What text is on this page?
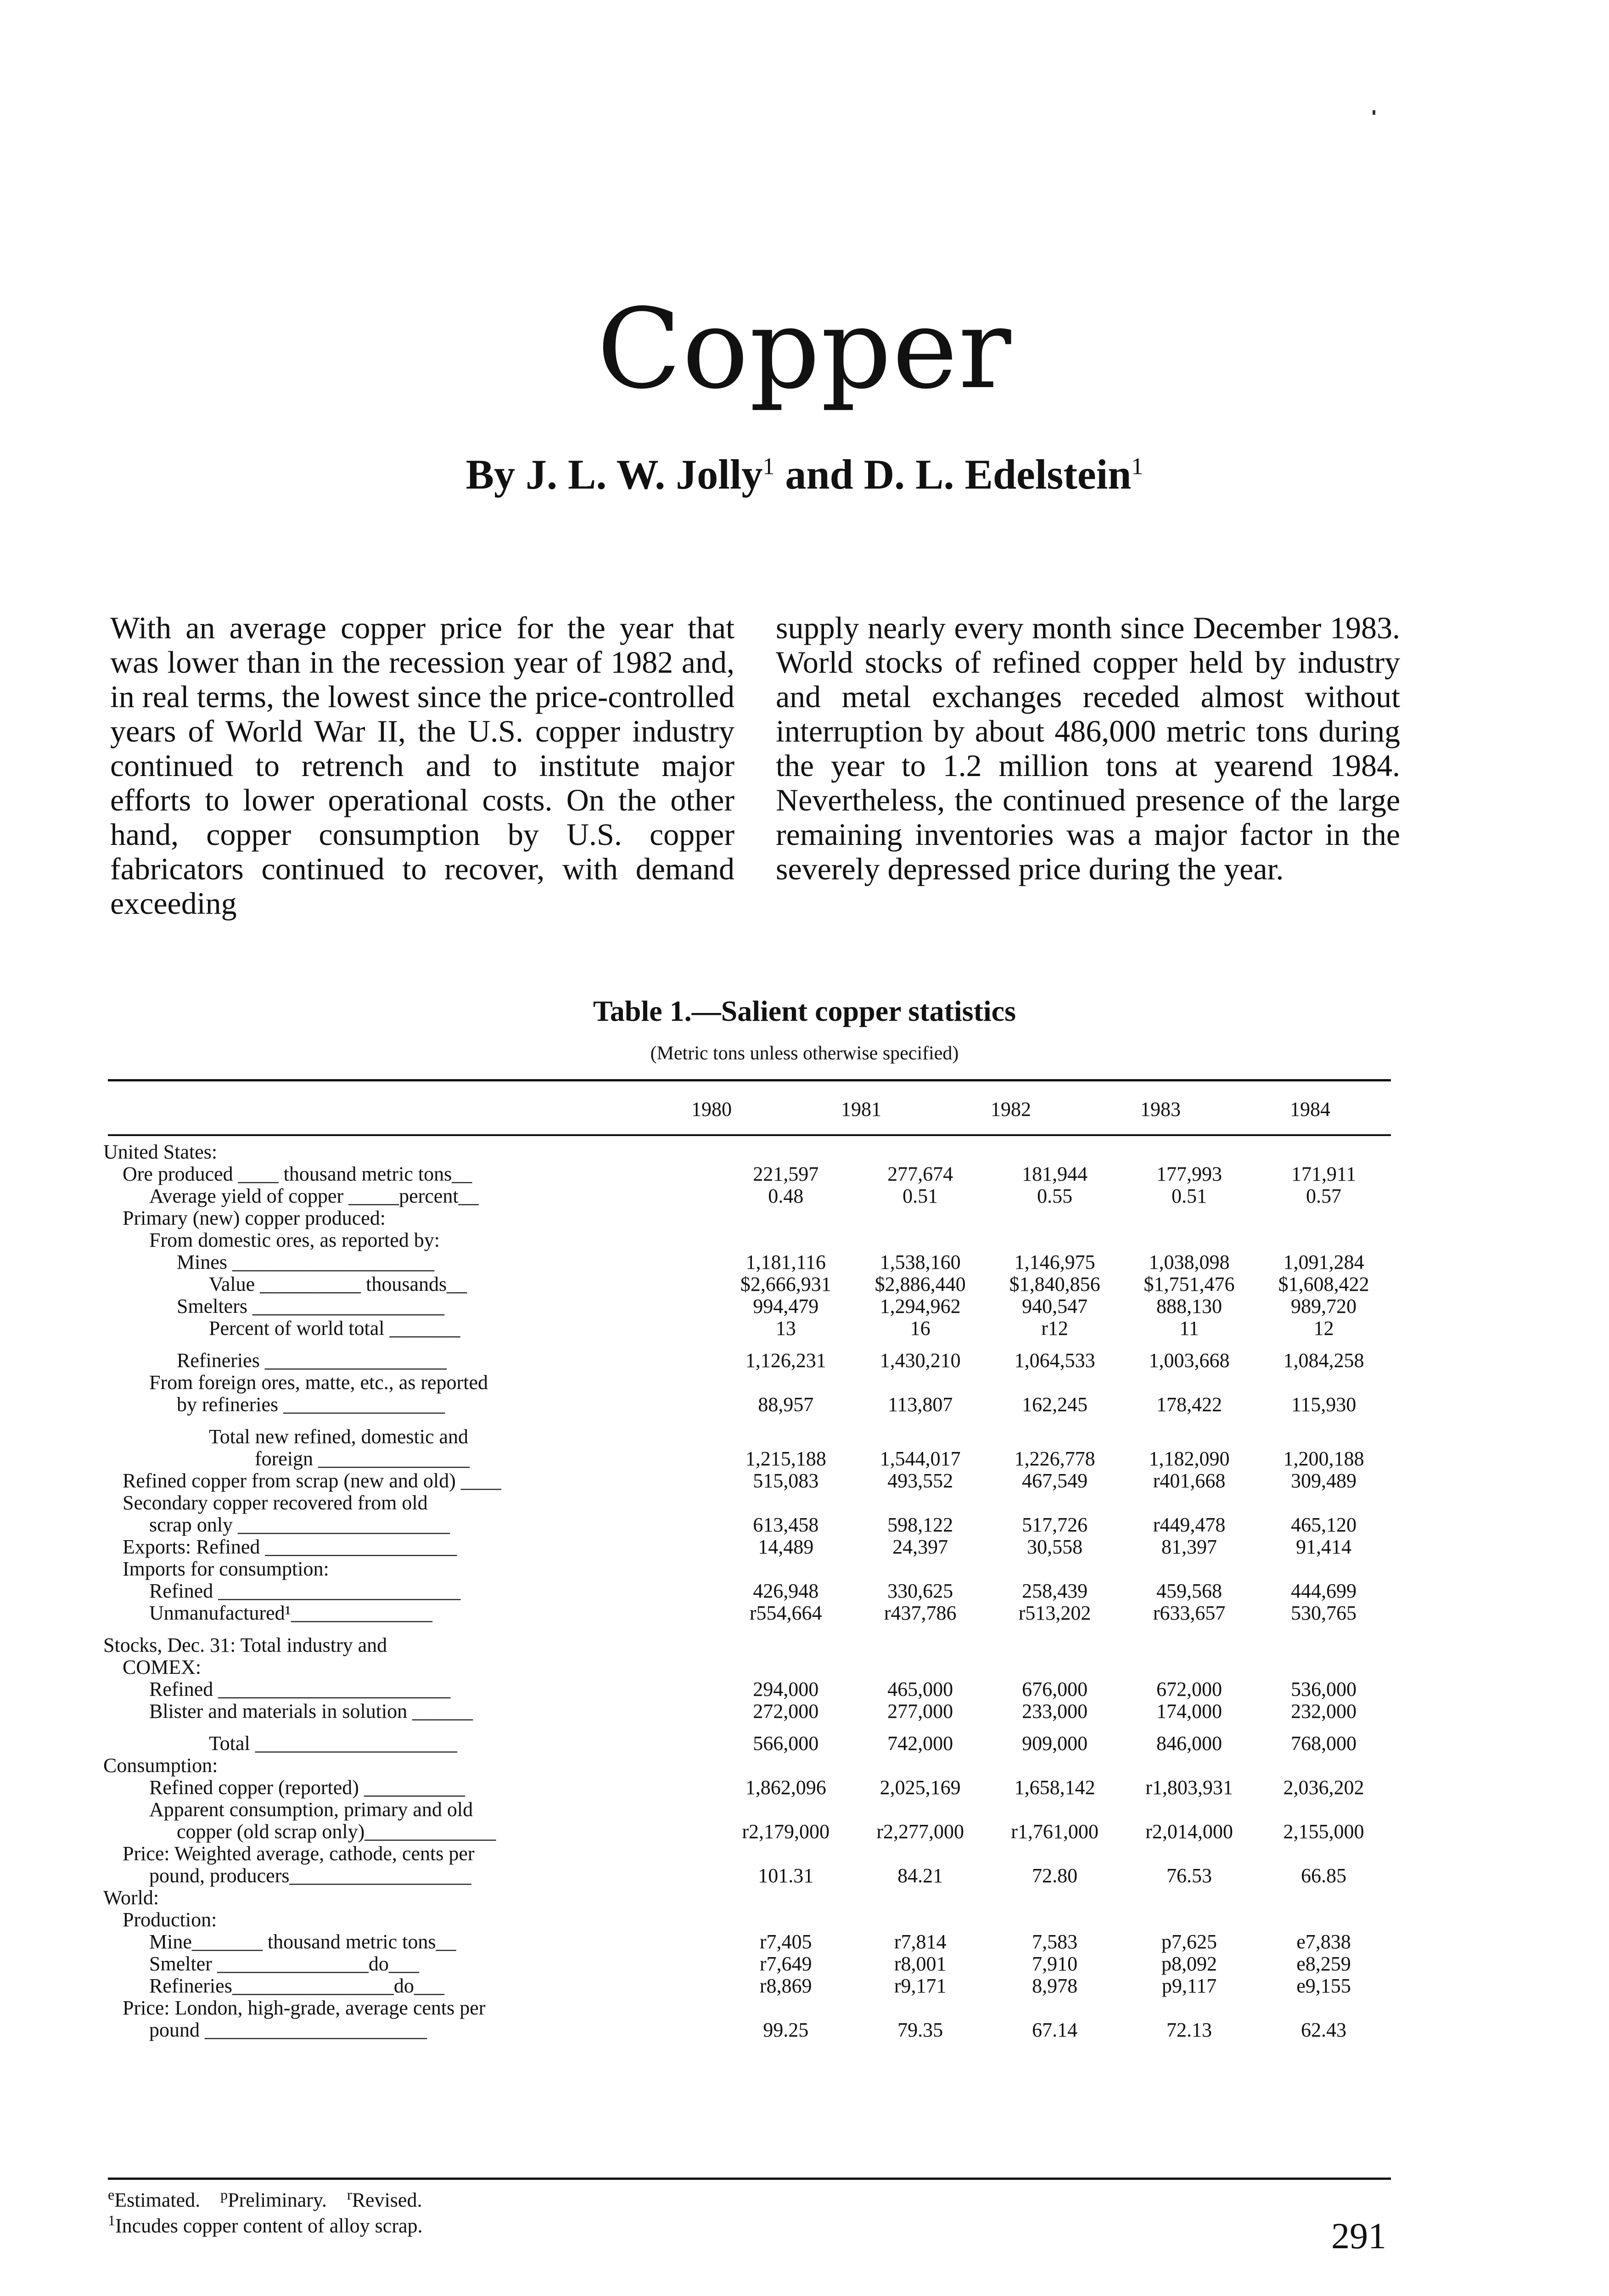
Copper
By J. L. W. Jolly$^1$ and D. L. Edelstein$^1$

With an average copper price for the year that was lower than in the recession year of 1982 and, in real terms, the lowest since the price-controlled years of World War II, the U.S. copper industry continued to retrench and to institute major efforts to lower operational costs. On the other hand, copper consumption by U.S. copper fabricators continued to recover, with demand exceeding

supply nearly every month since December 1983. World stocks of refined copper held by industry and metal exchanges receded almost without interruption by about 486,000 metric tons during the year to 1.2 million tons at yearend 1984. Nevertheless, the continued presence of the large remaining inventories was a major factor in the severely depressed price during the year.

Table 1.—Salient copper statistics
(Metric tons unless otherwise specified)
1980	1981	1982	1983	1984
United States:					
Ore produced ____ thousand metric tons__	221,597	277,674	181,944	177,993	171,911
Average yield of copper _____percent__	0.48	0.51	0.55	0.51	0.57
Primary (new) copper produced:					
From domestic ores, as reported by:					
Mines ____________________	1,181,116	1,538,160	1,146,975	1,038,098	1,091,284
Value __________ thousands__	$2,666,931	$2,886,440	$1,840,856	$1,751,476	$1,608,422
Smelters ___________________	994,479	1,294,962	940,547	888,130	989,720
Percent of world total _______	13	16	r12	11	12
Refineries __________________	1,126,231	1,430,210	1,064,533	1,003,668	1,084,258
From foreign ores, matte, etc., as reported					
by refineries ________________	88,957	113,807	162,245	178,422	115,930
Total new refined, domestic and					
foreign _______________	1,215,188	1,544,017	1,226,778	1,182,090	1,200,188
Refined copper from scrap (new and old) ____	515,083	493,552	467,549	r401,668	309,489
Secondary copper recovered from old					
scrap only _____________________	613,458	598,122	517,726	r449,478	465,120
Exports: Refined ___________________	14,489	24,397	30,558	81,397	91,414
Imports for consumption:					
Refined ________________________	426,948	330,625	258,439	459,568	444,699
Unmanufactured¹______________	r554,664	r437,786	r513,202	r633,657	530,765
Stocks, Dec. 31: Total industry and					
COMEX:					
Refined _______________________	294,000	465,000	676,000	672,000	536,000
Blister and materials in solution ______	272,000	277,000	233,000	174,000	232,000
Total ____________________	566,000	742,000	909,000	846,000	768,000
Consumption:					
Refined copper (reported) __________	1,862,096	2,025,169	1,658,142	r1,803,931	2,036,202
Apparent consumption, primary and old					
copper (old scrap only)_____________	r2,179,000	r2,277,000	r1,761,000	r2,014,000	2,155,000
Price: Weighted average, cathode, cents per					
pound, producers__________________	101.31	84.21	72.80	76.53	66.85
World:					
Production:					
Mine_______ thousand metric tons__	r7,405	r7,814	7,583	p7,625	e7,838
Smelter _______________do___	r7,649	r8,001	7,910	p8,092	e8,259
Refineries________________do___	r8,869	r9,171	8,978	p9,117	e9,155
Price: London, high-grade, average cents per					
pound ______________________	99.25	79.35	67.14	72.13	62.43
$^e$Estimated. $^p$Preliminary. $^r$Revised.
$^1$Incudes copper content of alloy scrap.	291
